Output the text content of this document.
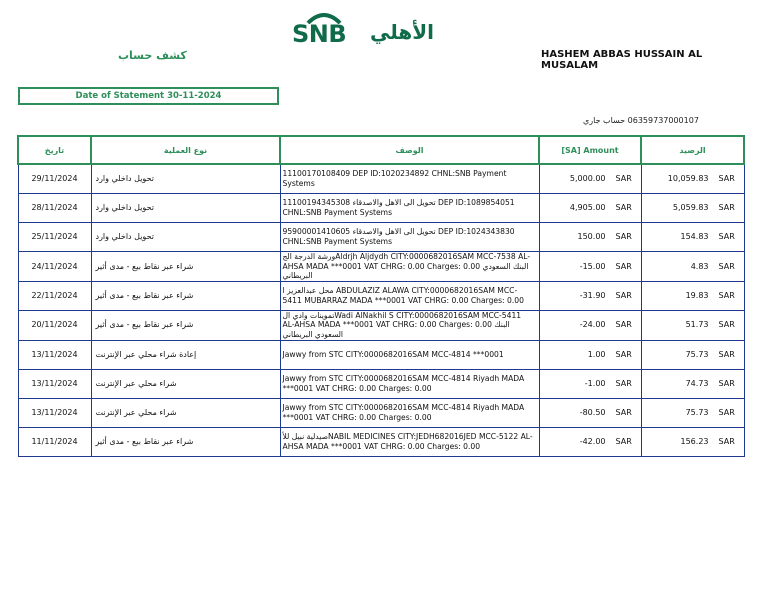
SNB الأهلي
كشف حساب	HASHEM ABBAS HUSSAIN AL MUSALAM
Date of Statement 30-11-2024
06359737000107 حساب جاري
تاريخ	نوع العملية	الوصف	[SA] Amount	الرصيد
29/11/2024	تحويل داخلي وارد	11100170108409 DEP ID:1020234892 CHNL:SNB Payment Systems	5,000.00 SAR	10,059.83 SAR

28/11/2024	تحويل داخلي وارد	11100194345308 تحويل الى الاهل والاصدقاء DEP ID:1089854051 CHNL:SNB Payment Systems	4,905.00 SAR	5,059.83 SAR

25/11/2024	تحويل داخلي وارد	95900001410605 تحويل الى الاهل والاصدقاء DEP ID:1024343830 CHNL:SNB Payment Systems	150.00 SAR	154.83 SAR

24/11/2024	شراء عبر نقاط بيع - مدى أثير	ورشة الدرجة الجAldrjh Aljdydh CITY:0000682016SAM MCC-7538 AL-AHSA MADA ***0001 VAT CHRG: 0.00 Charges: 0.00 البنك السعودي البريطاني	-15.00 SAR	4.83 SAR

22/11/2024	شراء عبر نقاط بيع - مدى أثير	محل عبدالعزيز ا ABDULAZIZ ALAWA CITY:0000682016SAM MCC-5411 MUBARRAZ MADA ***0001 VAT CHRG: 0.00 Charges: 0.00	-31.90 SAR	19.83 SAR

20/11/2024	شراء عبر نقاط بيع - مدى أثير	تموينات وادي الWadi AlNakhil S CITY:0000682016SAM MCC-5411 AL-AHSA MADA ***0001 VAT CHRG: 0.00 Charges: 0.00 البنك السعودي البريطاني	-24.00 SAR	51.73 SAR

13/11/2024	إعادة شراء محلي عبر الإنترنت	Jawwy from STC CITY:0000682016SAM MCC-4814 ***0001	1.00 SAR	75.73 SAR

13/11/2024	شراء محلي عبر الإنترنت	Jawwy from STC CITY:0000682016SAM MCC-4814 Riyadh MADA ***0001 VAT CHRG: 0.00 Charges: 0.00	-1.00 SAR	74.73 SAR

13/11/2024	شراء محلي عبر الإنترنت	Jawwy from STC CITY:0000682016SAM MCC-4814 Riyadh MADA ***0001 VAT CHRG: 0.00 Charges: 0.00	-80.50 SAR	75.73 SAR

11/11/2024	شراء عبر نقاط بيع - مدى أثير	صيدلية نبيل للأNABIL MEDICINES CITY:JEDH682016JED MCC-5122 AL-AHSA MADA ***0001 VAT CHRG: 0.00 Charges: 0.00	-42.00 SAR	156.23 SAR
